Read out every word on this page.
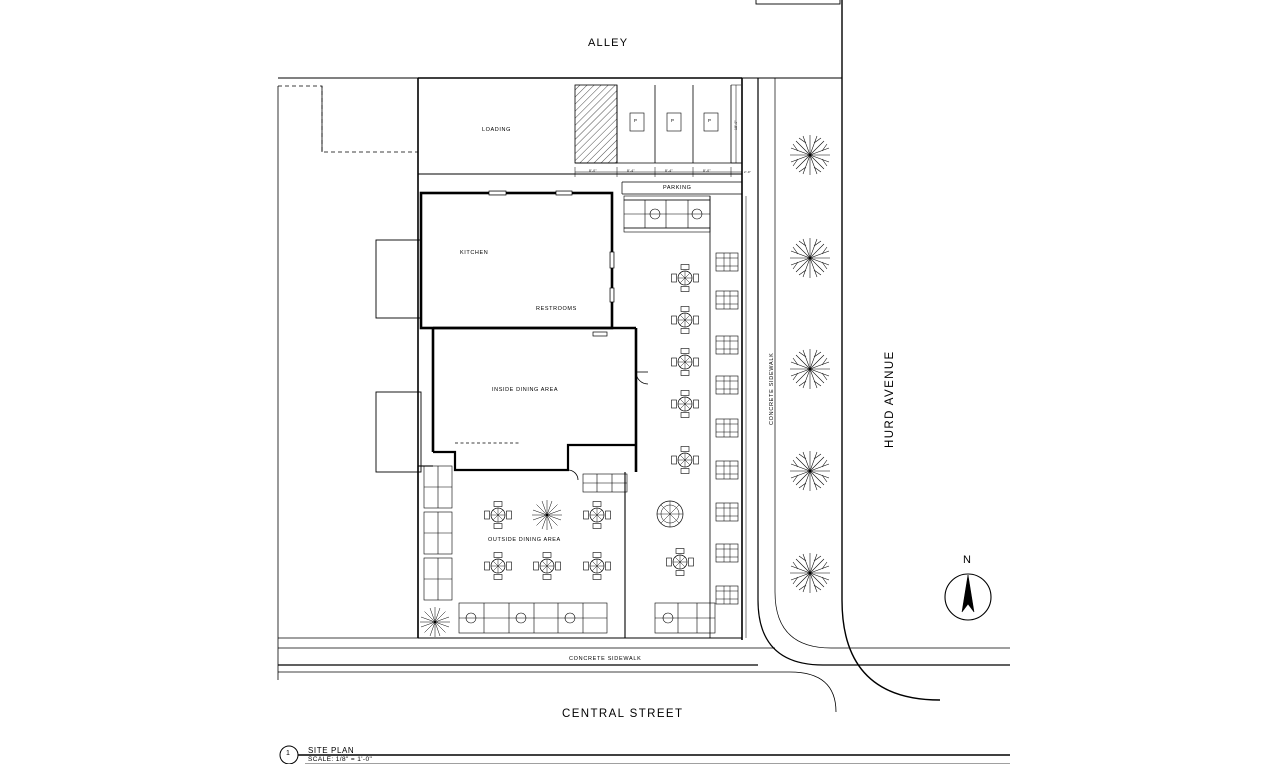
ALLEY
CENTRAL STREET
HURD AVENUE
CONCRETE SIDEWALK
CONCRETE SIDEWALK
LOADING
PARKING
KITCHEN
RESTROOMS
INSIDE DINING AREA
OUTSIDE DINING AREA
P	P	P
8'-0"	8'-4"	8'-4"	8'-0"	2'-0"
18'-0"
N
1 SITE PLAN
SCALE: 1/8" = 1'-0"
